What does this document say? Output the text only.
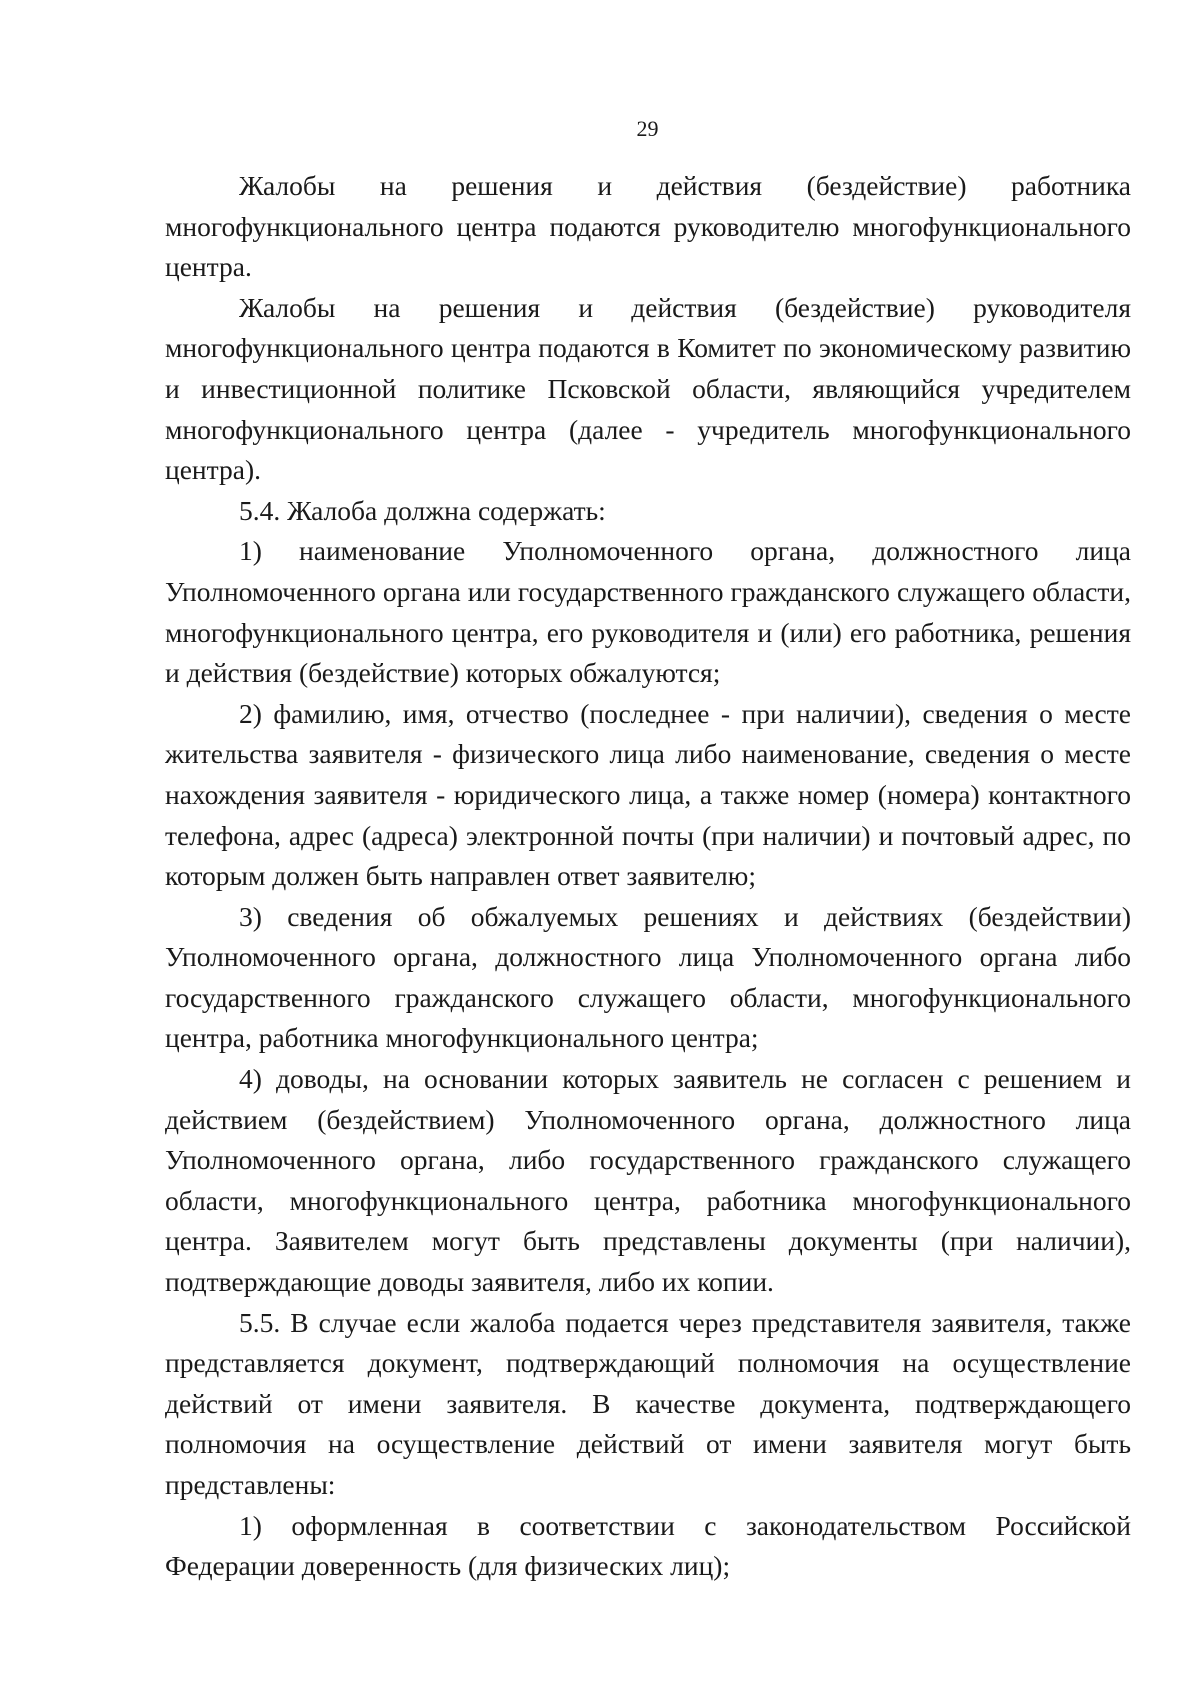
29

Жалобы на решения и действия (бездействие) работника многофункционального центра подаются руководителю многофункционального центра.

Жалобы на решения и действия (бездействие) руководителя многофункционального центра подаются в Комитет по экономическому развитию и инвестиционной политике Псковской области, являющийся учредителем многофункционального центра (далее - учредитель многофункционального центра).

5.4. Жалоба должна содержать:

1) наименование Уполномоченного органа, должностного лица Уполномоченного органа или государственного гражданского служащего области, многофункционального центра, его руководителя и (или) его работника, решения и действия (бездействие) которых обжалуются;

2) фамилию, имя, отчество (последнее - при наличии), сведения о месте жительства заявителя - физического лица либо наименование, сведения о месте нахождения заявителя - юридического лица, а также номер (номера) контактного телефона, адрес (адреса) электронной почты (при наличии) и почтовый адрес, по которым должен быть направлен ответ заявителю;

3) сведения об обжалуемых решениях и действиях (бездействии) Уполномоченного органа, должностного лица Уполномоченного органа либо государственного гражданского служащего области, многофункционального центра, работника многофункционального центра;

4) доводы, на основании которых заявитель не согласен с решением и действием (бездействием) Уполномоченного органа, должностного лица Уполномоченного органа, либо государственного гражданского служащего области, многофункционального центра, работника многофункционального центра. Заявителем могут быть представлены документы (при наличии), подтверждающие доводы заявителя, либо их копии.

5.5. В случае если жалоба подается через представителя заявителя, также представляется документ, подтверждающий полномочия на осуществление действий от имени заявителя. В качестве документа, подтверждающего полномочия на осуществление действий от имени заявителя могут быть представлены:

1) оформленная в соответствии с законодательством Российской Федерации доверенность (для физических лиц);
